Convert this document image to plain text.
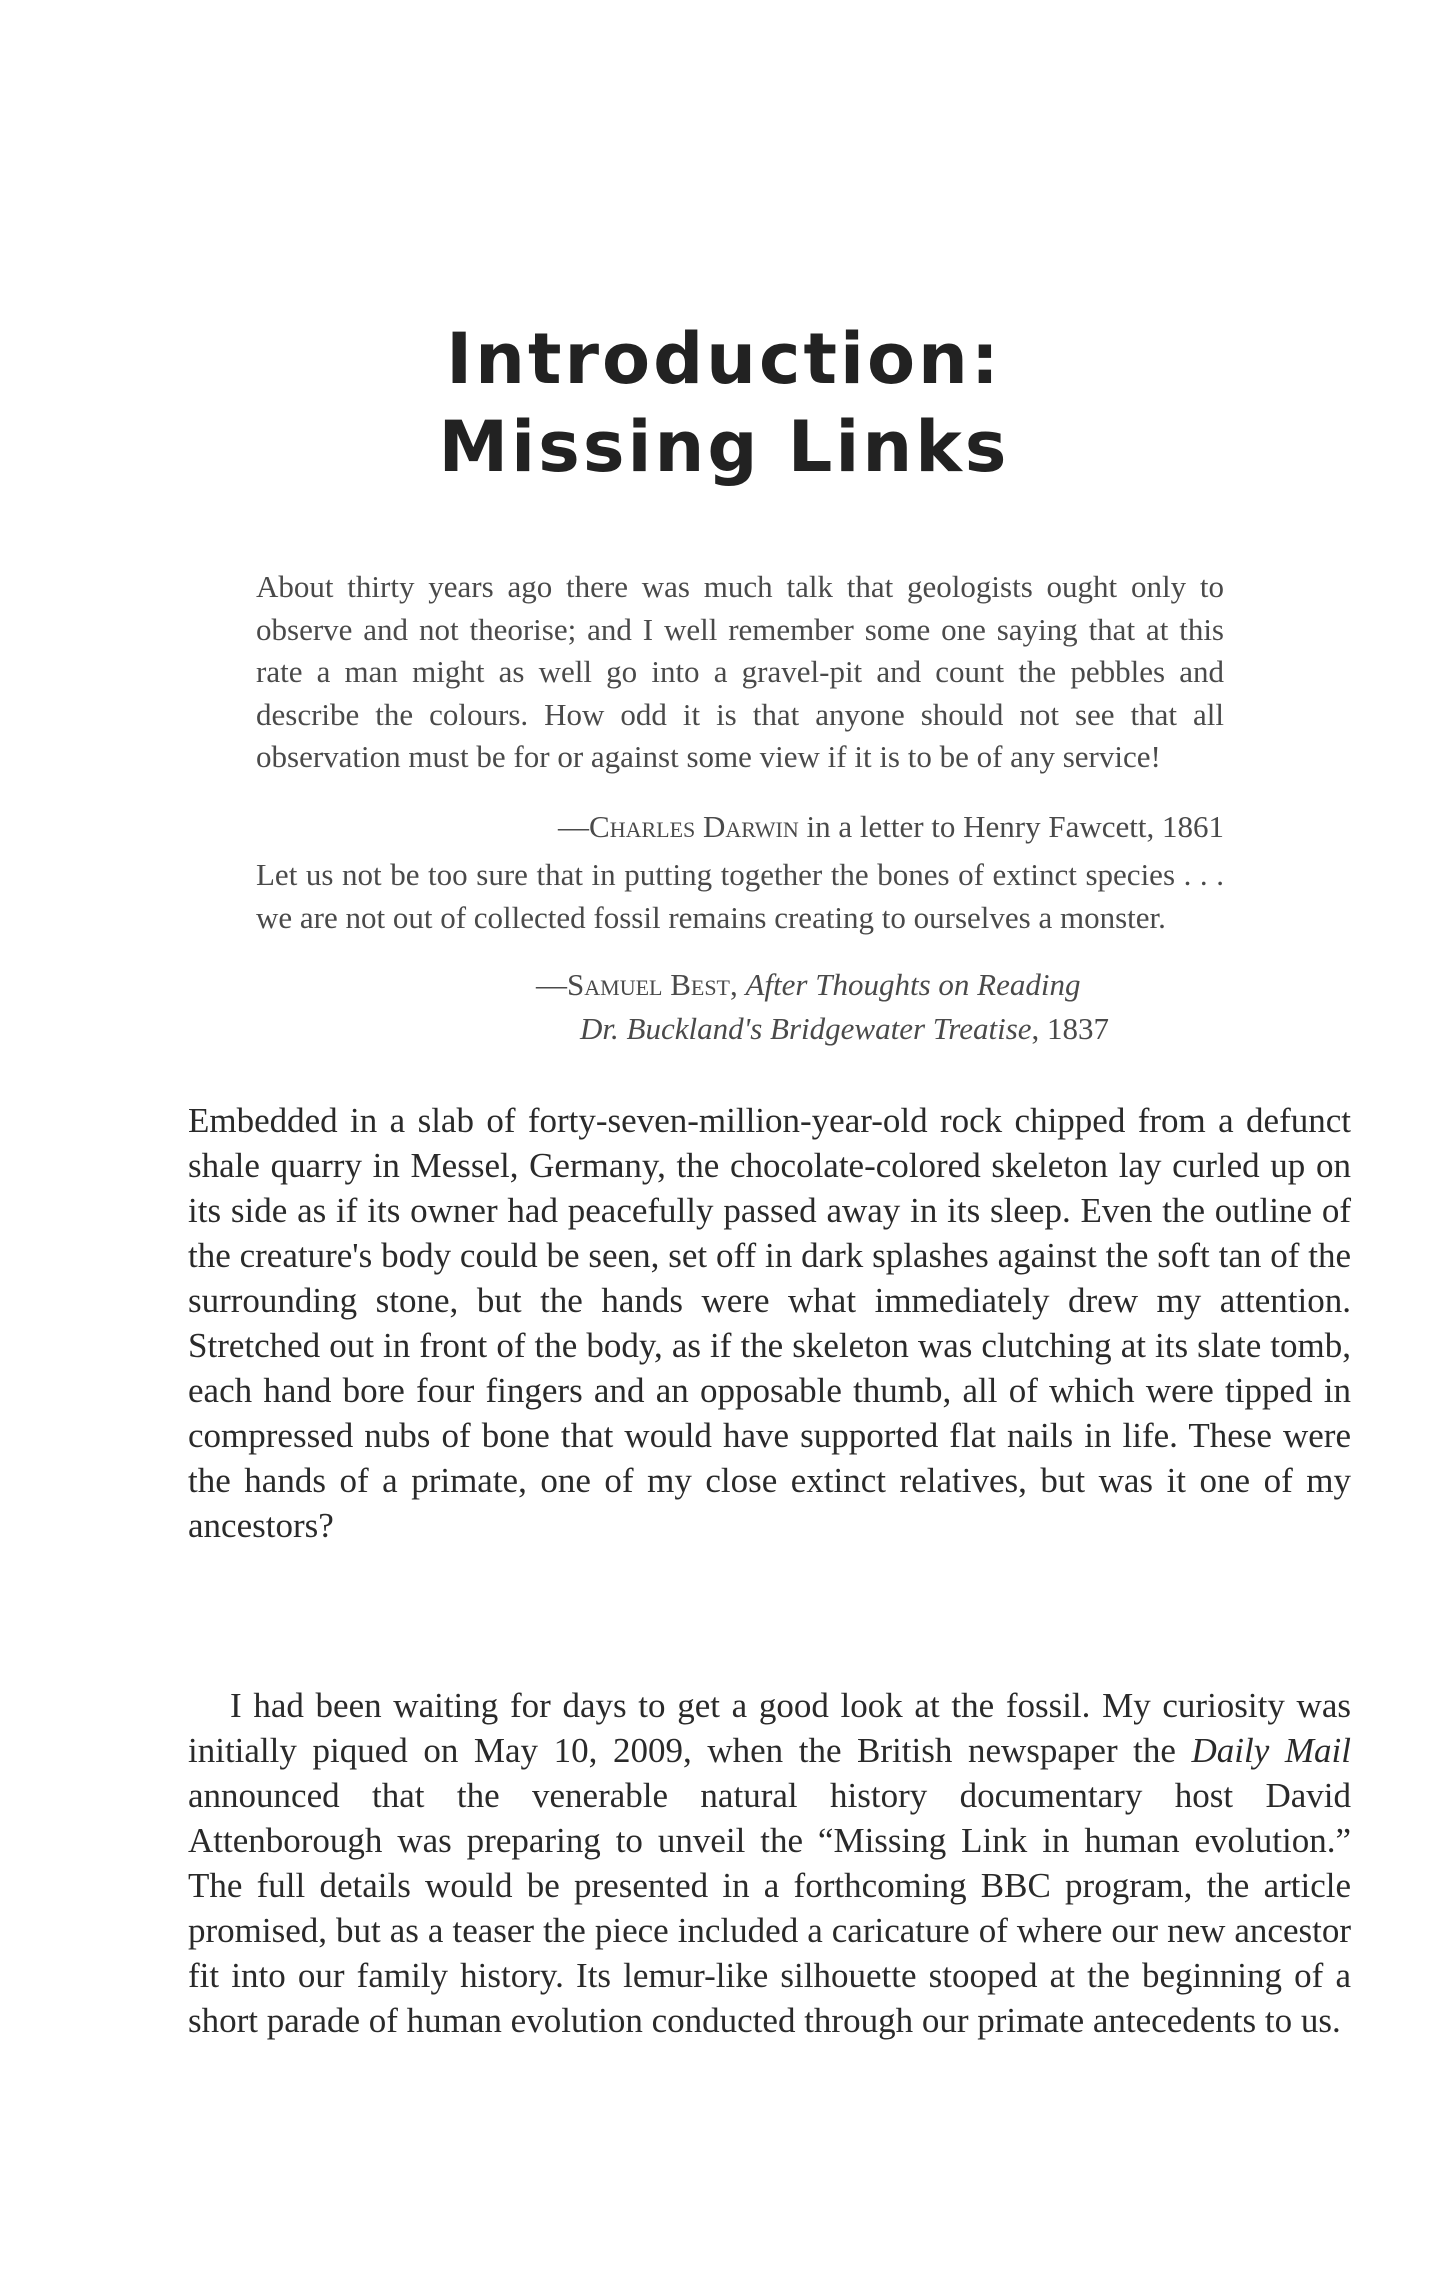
Introduction:
Missing Links

About thirty years ago there was much talk that geologists ought only to observe and not theorise; and I well remember some one saying that at this rate a man might as well go into a gravel-pit and count the pebbles and describe the colours. How odd it is that anyone should not see that all observation must be for or against some view if it is to be of any service!

—Charles Darwin in a letter to Henry Fawcett, 1861

Let us not be too sure that in putting together the bones of extinct species . . . we are not out of collected fossil remains creating to ourselves a monster.

—Samuel Best, After Thoughts on Reading

Dr. Buckland's Bridgewater Treatise, 1837

Embedded in a slab of forty-seven-million-year-old rock chipped from a defunct shale quarry in Messel, Germany, the chocolate-colored skeleton lay curled up on its side as if its owner had peacefully passed away in its sleep. Even the outline of the creature's body could be seen, set off in dark splashes against the soft tan of the surrounding stone, but the hands were what immediately drew my attention. Stretched out in front of the body, as if the skeleton was clutching at its slate tomb, each hand bore four fingers and an opposable thumb, all of which were tipped in compressed nubs of bone that would have supported flat nails in life. These were the hands of a primate, one of my close extinct relatives, but was it one of my ancestors?

I had been waiting for days to get a good look at the fossil. My curiosity was initially piqued on May 10, 2009, when the British newspaper the Daily Mail announced that the venerable natural history documentary host David Attenborough was preparing to unveil the “Missing Link in human evolution.” The full details would be presented in a forthcoming BBC program, the article promised, but as a teaser the piece included a caricature of where our new ancestor fit into our family history. Its lemur-like silhouette stooped at the beginning of a short parade of human evolution conducted through our primate antecedents to us.
